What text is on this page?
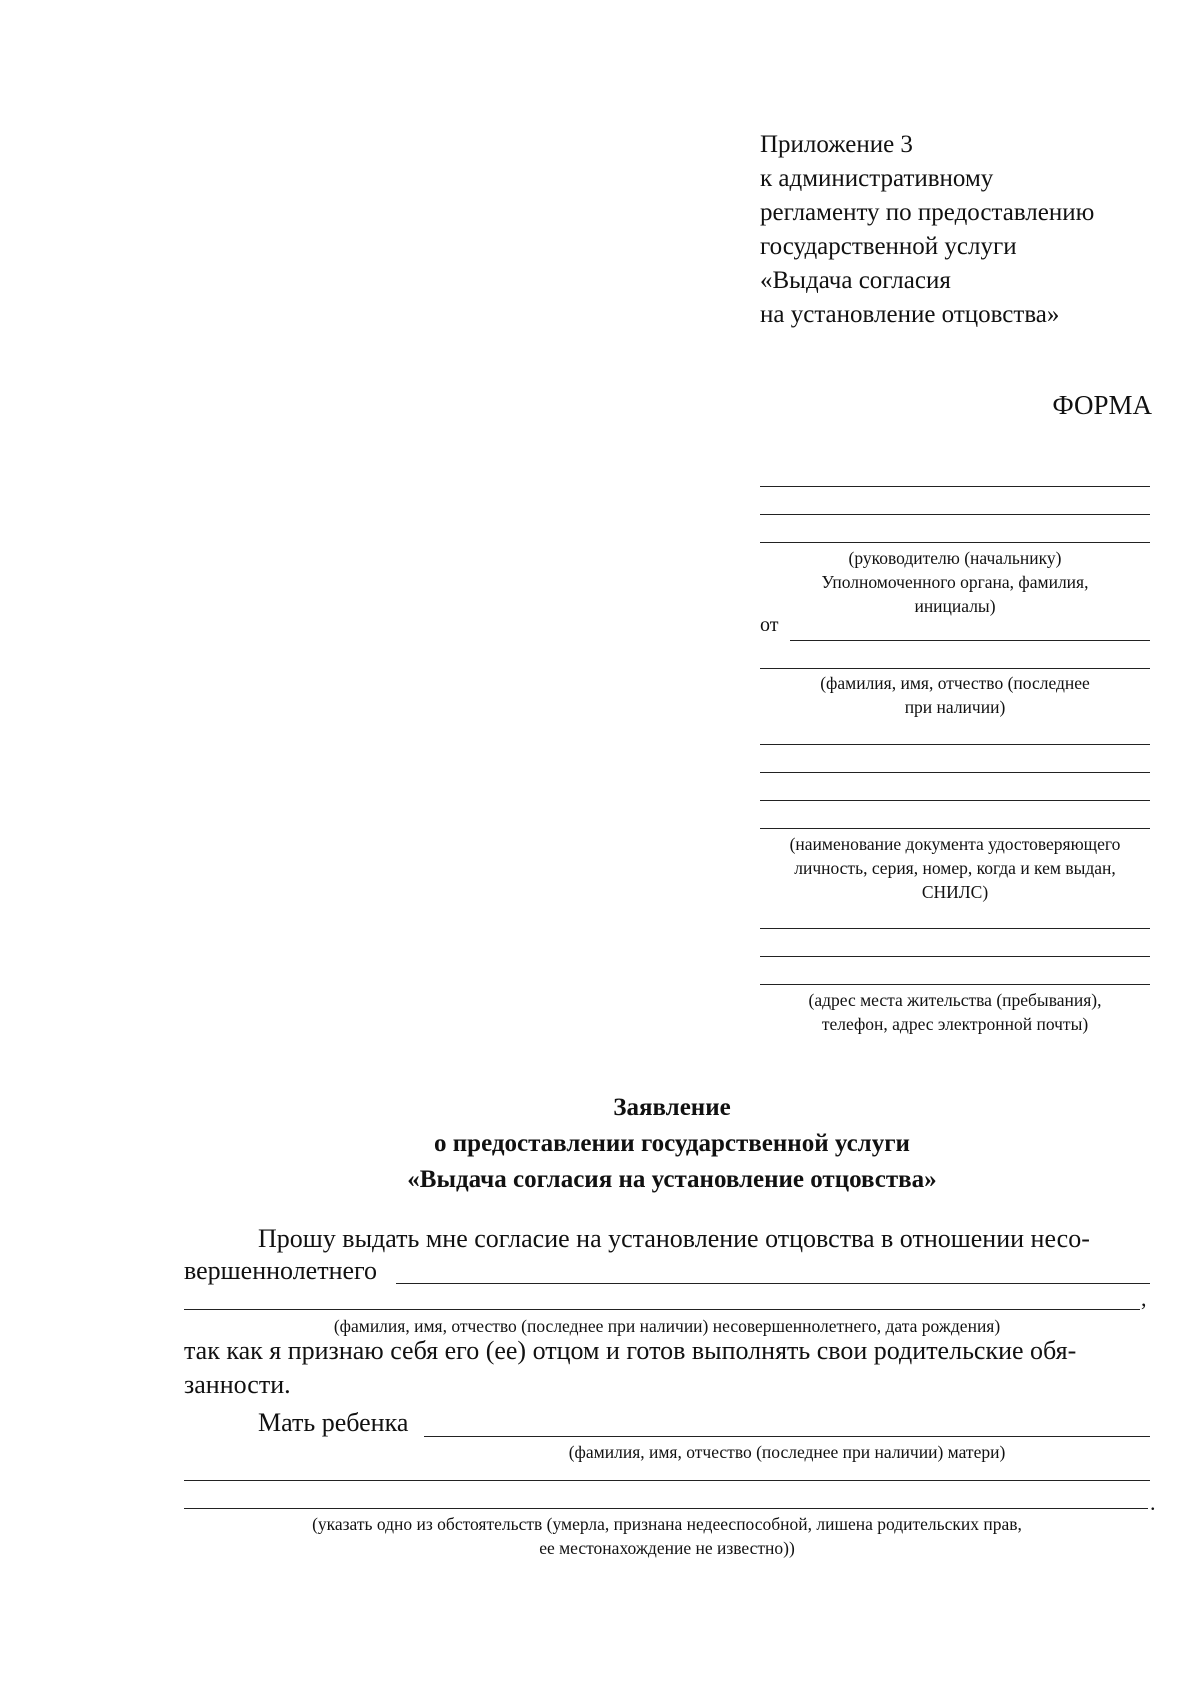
Приложение 3
к административному
регламенту по предоставлению
государственной услуги
«Выдача согласия
на установление отцовства»
ФОРМА
(руководителю (начальнику)
Уполномоченного органа, фамилия,
инициалы)
от
(фамилия, имя, отчество (последнее
при наличии)
(наименование документа удостоверяющего
личность, серия, номер, когда и кем выдан,
СНИЛС)
(адрес места жительства (пребывания),
телефон, адрес электронной почты)
Заявление
о предоставлении государственной услуги
«Выдача согласия на установление отцовства»
Прошу выдать мне согласие на установление отцовства в отношении несо-
вершеннолетнего
,
(фамилия, имя, отчество (последнее при наличии) несовершеннолетнего, дата рождения)
так как я признаю себя его (ее) отцом и готов выполнять свои родительские обя-
занности.
Мать ребенка
(фамилия, имя, отчество (последнее при наличии) матери)
.
(указать одно из обстоятельств (умерла, признана недееспособной, лишена родительских прав,
ее местонахождение не известно))
